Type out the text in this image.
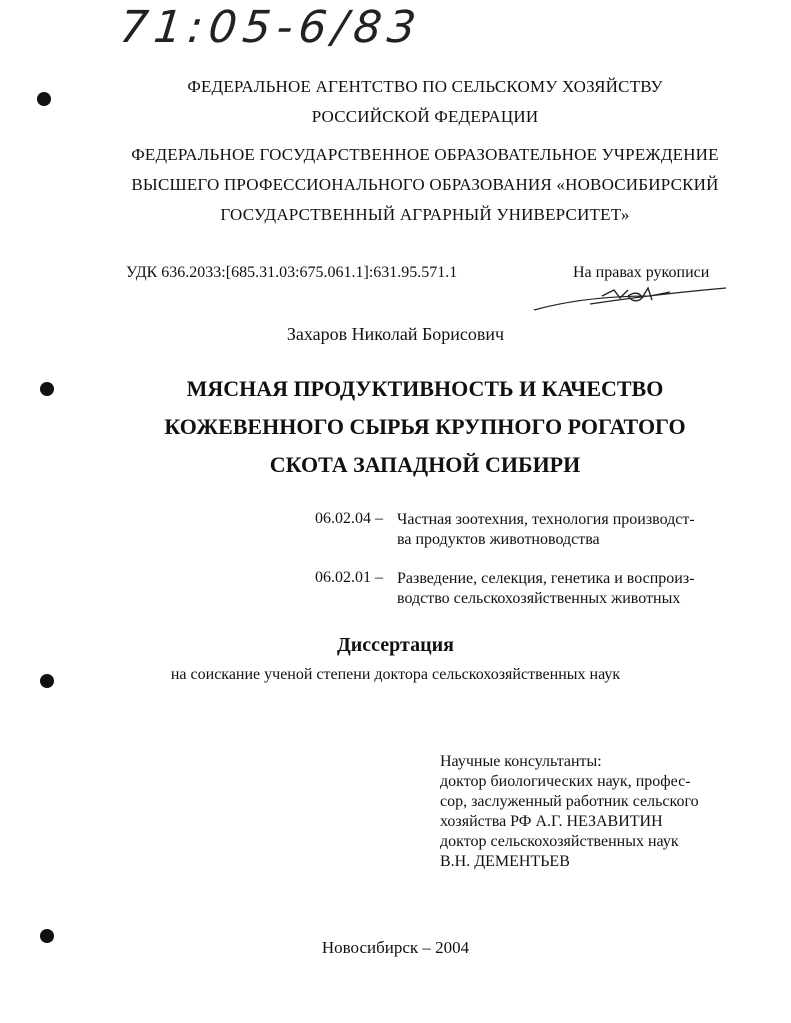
71:05-6/83
ФЕДЕРАЛЬНОЕ АГЕНТСТВО ПО СЕЛЬСКОМУ ХОЗЯЙСТВУ
РОССИЙСКОЙ ФЕДЕРАЦИИ
ФЕДЕРАЛЬНОЕ ГОСУДАРСТВЕННОЕ ОБРАЗОВАТЕЛЬНОЕ УЧРЕЖДЕНИЕ
ВЫСШЕГО ПРОФЕССИОНАЛЬНОГО ОБРАЗОВАНИЯ «НОВОСИБИРСКИЙ
ГОСУДАРСТВЕННЫЙ АГРАРНЫЙ УНИВЕРСИТЕТ»
УДК 636.2033:[685.31.03:675.061.1]:631.95.571.1	На правах рукописи
Захаров Николай Борисович
МЯСНАЯ ПРОДУКТИВНОСТЬ И КАЧЕСТВО
КОЖЕВЕННОГО СЫРЬЯ КРУПНОГО РОГАТОГО
СКОТА ЗАПАДНОЙ СИБИРИ
06.02.04 – Частная зоотехния, технология производст-
ва продуктов животноводства
06.02.01 – Разведение, селекция, генетика и воспроиз-
водство сельскохозяйственных животных
Диссертация
на соискание ученой степени доктора сельскохозяйственных наук
Научные консультанты:
доктор биологических наук, профес-
сор, заслуженный работник сельского
хозяйства РФ А.Г. НЕЗАВИТИН
доктор сельскохозяйственных наук
В.Н. ДЕМЕНТЬЕВ
Новосибирск – 2004
